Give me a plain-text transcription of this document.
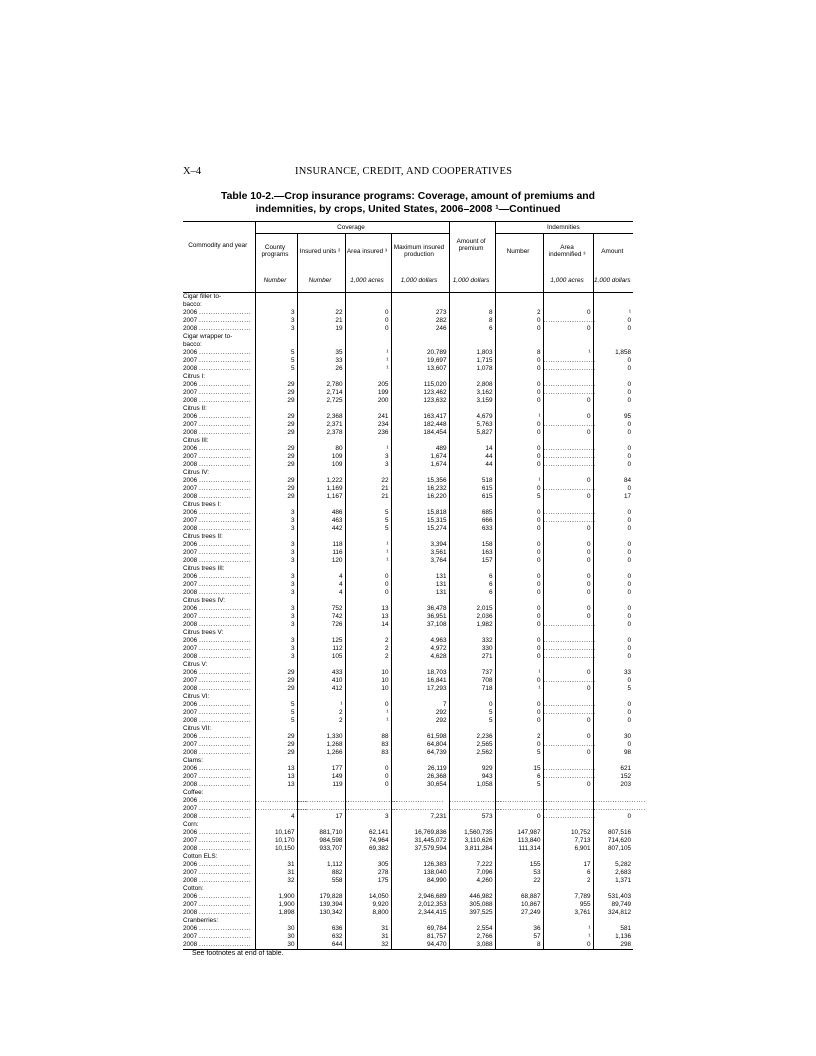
X–4	INSURANCE, CREDIT, AND COOPERATIVES
Table 10-2.—Crop insurance programs: Coverage, amount of premiums and
indemnities, by crops, United States, 2006–2008 ¹—Continued
Commodity and year	Coverage				Amount of premium	Indemnities		
	County programs	Insured units ²	Area insured ³	Maximum insured production		Number	Area indemnified ³	Amount
	Number	Number	1,000 acres	1,000 dollars	1,000 dollars		1,000 acres	1,000 dollars
Cigar filler to-								
bacco:								
2006 ......................	3	22	0	273	8	2	0	¹
2007 ......................	3	21	0	282	8	0	......................	0
2008 ......................	3	19	0	246	6	0	0	0
Cigar wrapper to-								
bacco:								
2006 ......................	5	35	¹	20,789	1,803	8	¹	1,858
2007 ......................	5	33	¹	19,697	1,715	0	......................	0
2008 ......................	5	26	¹	13,607	1,078	0	......................	0
Citrus I:								
2006 ......................	29	2,780	205	115,020	2,808	0	......................	0
2007 ......................	29	2,714	199	123,462	3,162	0	......................	0
2008 ......................	29	2,725	200	123,632	3,159	0	0	0
Citrus II:								
2006 ......................	29	2,368	241	163,417	4,679	¹	0	95
2007 ......................	29	2,371	234	182,448	5,763	0	......................	0
2008 ......................	29	2,378	236	184,454	5,827	0	0	0
Citrus III:								
2006 ......................	29	80	¹	489	14	0	......................	0
2007 ......................	29	109	3	1,674	44	0	......................	0
2008 ......................	29	109	3	1,674	44	0	......................	0
Citrus IV:								
2006 ......................	29	1,222	22	15,356	518	¹	0	84
2007 ......................	29	1,169	21	16,232	615	0	......................	0
2008 ......................	29	1,167	21	16,220	615	5	0	17
Citrus trees I:								
2006 ......................	3	486	5	15,818	685	0	......................	0
2007 ......................	3	463	5	15,315	666	0	......................	0
2008 ......................	3	442	5	15,274	633	0	0	0
Citrus trees II:								
2006 ......................	3	118	¹	3,394	158	0	0	0
2007 ......................	3	116	¹	3,561	163	0	0	0
2008 ......................	3	120	¹	3,764	157	0	0	0
Citrus trees III:								
2006 ......................	3	4	0	131	6	0	0	0
2007 ......................	3	4	0	131	6	0	0	0
2008 ......................	3	4	0	131	6	0	0	0
Citrus trees IV:								
2006 ......................	3	752	13	36,478	2,015	0	0	0
2007 ......................	3	742	13	36,951	2,036	0	0	0
2008 ......................	3	726	14	37,108	1,982	0	......................	0
Citrus trees V:								
2006 ......................	3	125	2	4,963	332	0	......................	0
2007 ......................	3	112	2	4,972	330	0	......................	0
2008 ......................	3	105	2	4,628	271	0	......................	0
Citrus V:								
2006 ......................	29	433	10	18,703	737	¹	0	33
2007 ......................	29	410	10	16,841	708	0	......................	0
2008 ......................	29	412	10	17,293	718	¹	0	5
Citrus VI:								
2006 ......................	5	¹	0	7	0	0	......................	0
2007 ......................	5	2	¹	292	5	0	......................	0
2008 ......................	5	2	¹	292	5	0	0	0
Citrus VII:								
2006 ......................	29	1,330	88	61,598	2,236	2	0	30
2007 ......................	29	1,268	83	64,804	2,565	0	......................	0
2008 ......................	29	1,266	83	64,739	2,562	5	0	98
Clams:								
2006 ......................	13	177	0	26,119	929	15	......................	621
2007 ......................	13	149	0	26,368	943	6	......................	152
2008 ......................	13	119	0	30,654	1,058	5	0	203
Coffee:								
2006 ......................	......................	......................	......................	......................	......................	......................	......................	......................
2007 ......................	......................	......................	......................	......................	......................	......................	......................	......................
2008 ......................	4	17	3	7,231	573	0	......................	0
Corn:								
2006 ......................	10,167	881,710	62,141	16,769,836	1,560,735	147,987	10,752	807,516
2007 ......................	10,170	984,598	74,964	31,445,072	3,110,626	113,840	7,713	714,620
2008 ......................	10,150	933,707	69,382	37,579,594	3,811,284	111,314	6,901	807,105
Cotton ELS:								
2006 ......................	31	1,112	305	126,383	7,222	155	17	5,282
2007 ......................	31	882	278	138,040	7,096	53	6	2,683
2008 ......................	32	558	175	84,990	4,260	22	2	1,371
Cotton:								
2006 ......................	1,900	179,828	14,050	2,946,689	446,982	68,887	7,789	531,403
2007 ......................	1,900	139,394	9,920	2,012,353	305,088	10,867	955	89,749
2008 ......................	1,898	130,342	8,800	2,344,415	397,525	27,249	3,761	324,812
Cranberries:								
2006 ......................	30	636	31	69,784	2,554	36	¹	581
2007 ......................	30	632	31	81,757	2,766	57	¹	1,136
2008 ......................	30	644	32	94,470	3,088	8	0	298
See footnotes at end of table.
